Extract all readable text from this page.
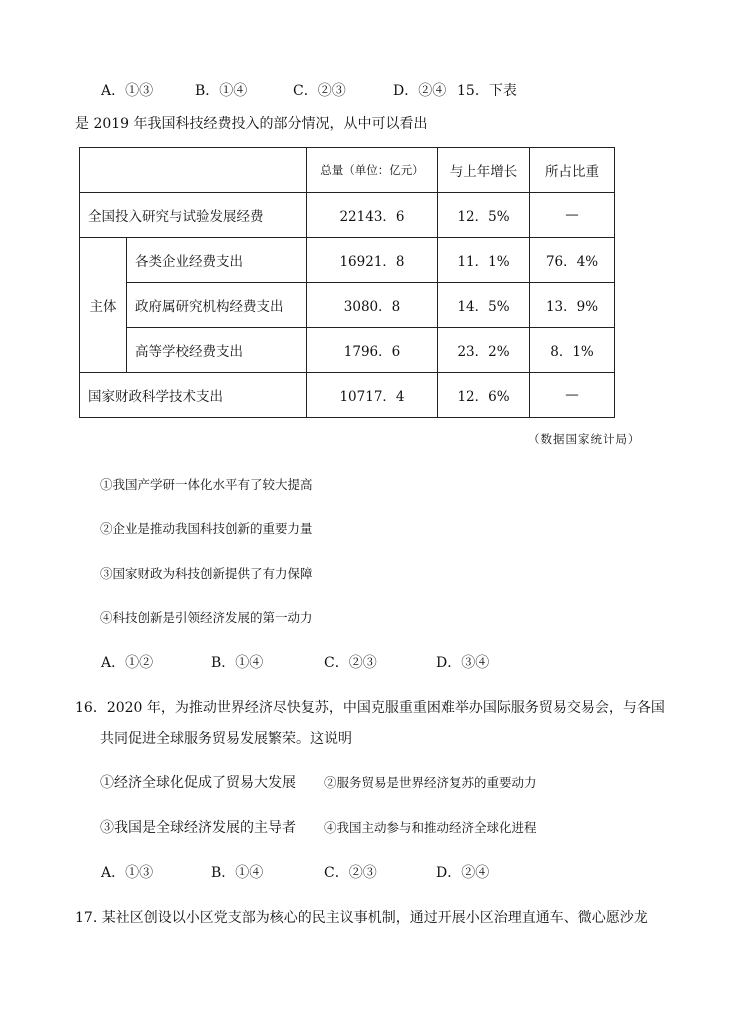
A．①③	B．①④	C．②③	D．②④ 15．下表
是 2019 年我国科技经费投入的部分情况，从中可以看出
		总量（单位：亿元）	与上年增长	所占比重
全国投入研究与试验发展经费		22143．6	12．5%	—
主体	各类企业经费支出	16921．8	11．1%	76．4%
	政府属研究机构经费支出	3080．8	14．5%	13．9%
	高等学校经费支出	1796．6	23．2%	8．1%
国家财政科学技术支出		10717．4	12．6%	—
（数据国家统计局）
①我国产学研一体化水平有了较大提高
②企业是推动我国科技创新的重要力量
③国家财政为科技创新提供了有力保障
④科技创新是引领经济发展的第一动力
A．①②	B．①④	C．②③	D．③④
16．2020 年，为推动世界经济尽快复苏，中国克服重重困难举办国际服务贸易交易会，与各国
共同促进全球服务贸易发展繁荣。这说明
①经济全球化促成了贸易大发展 ②服务贸易是世界经济复苏的重要动力
③我国是全球经济发展的主导者 ④我国主动参与和推动经济全球化进程
A．①③	B．①④	C．②③	D．②④
17. 某社区创设以小区党支部为核心的民主议事机制，通过开展小区治理直通车、微心愿沙龙
